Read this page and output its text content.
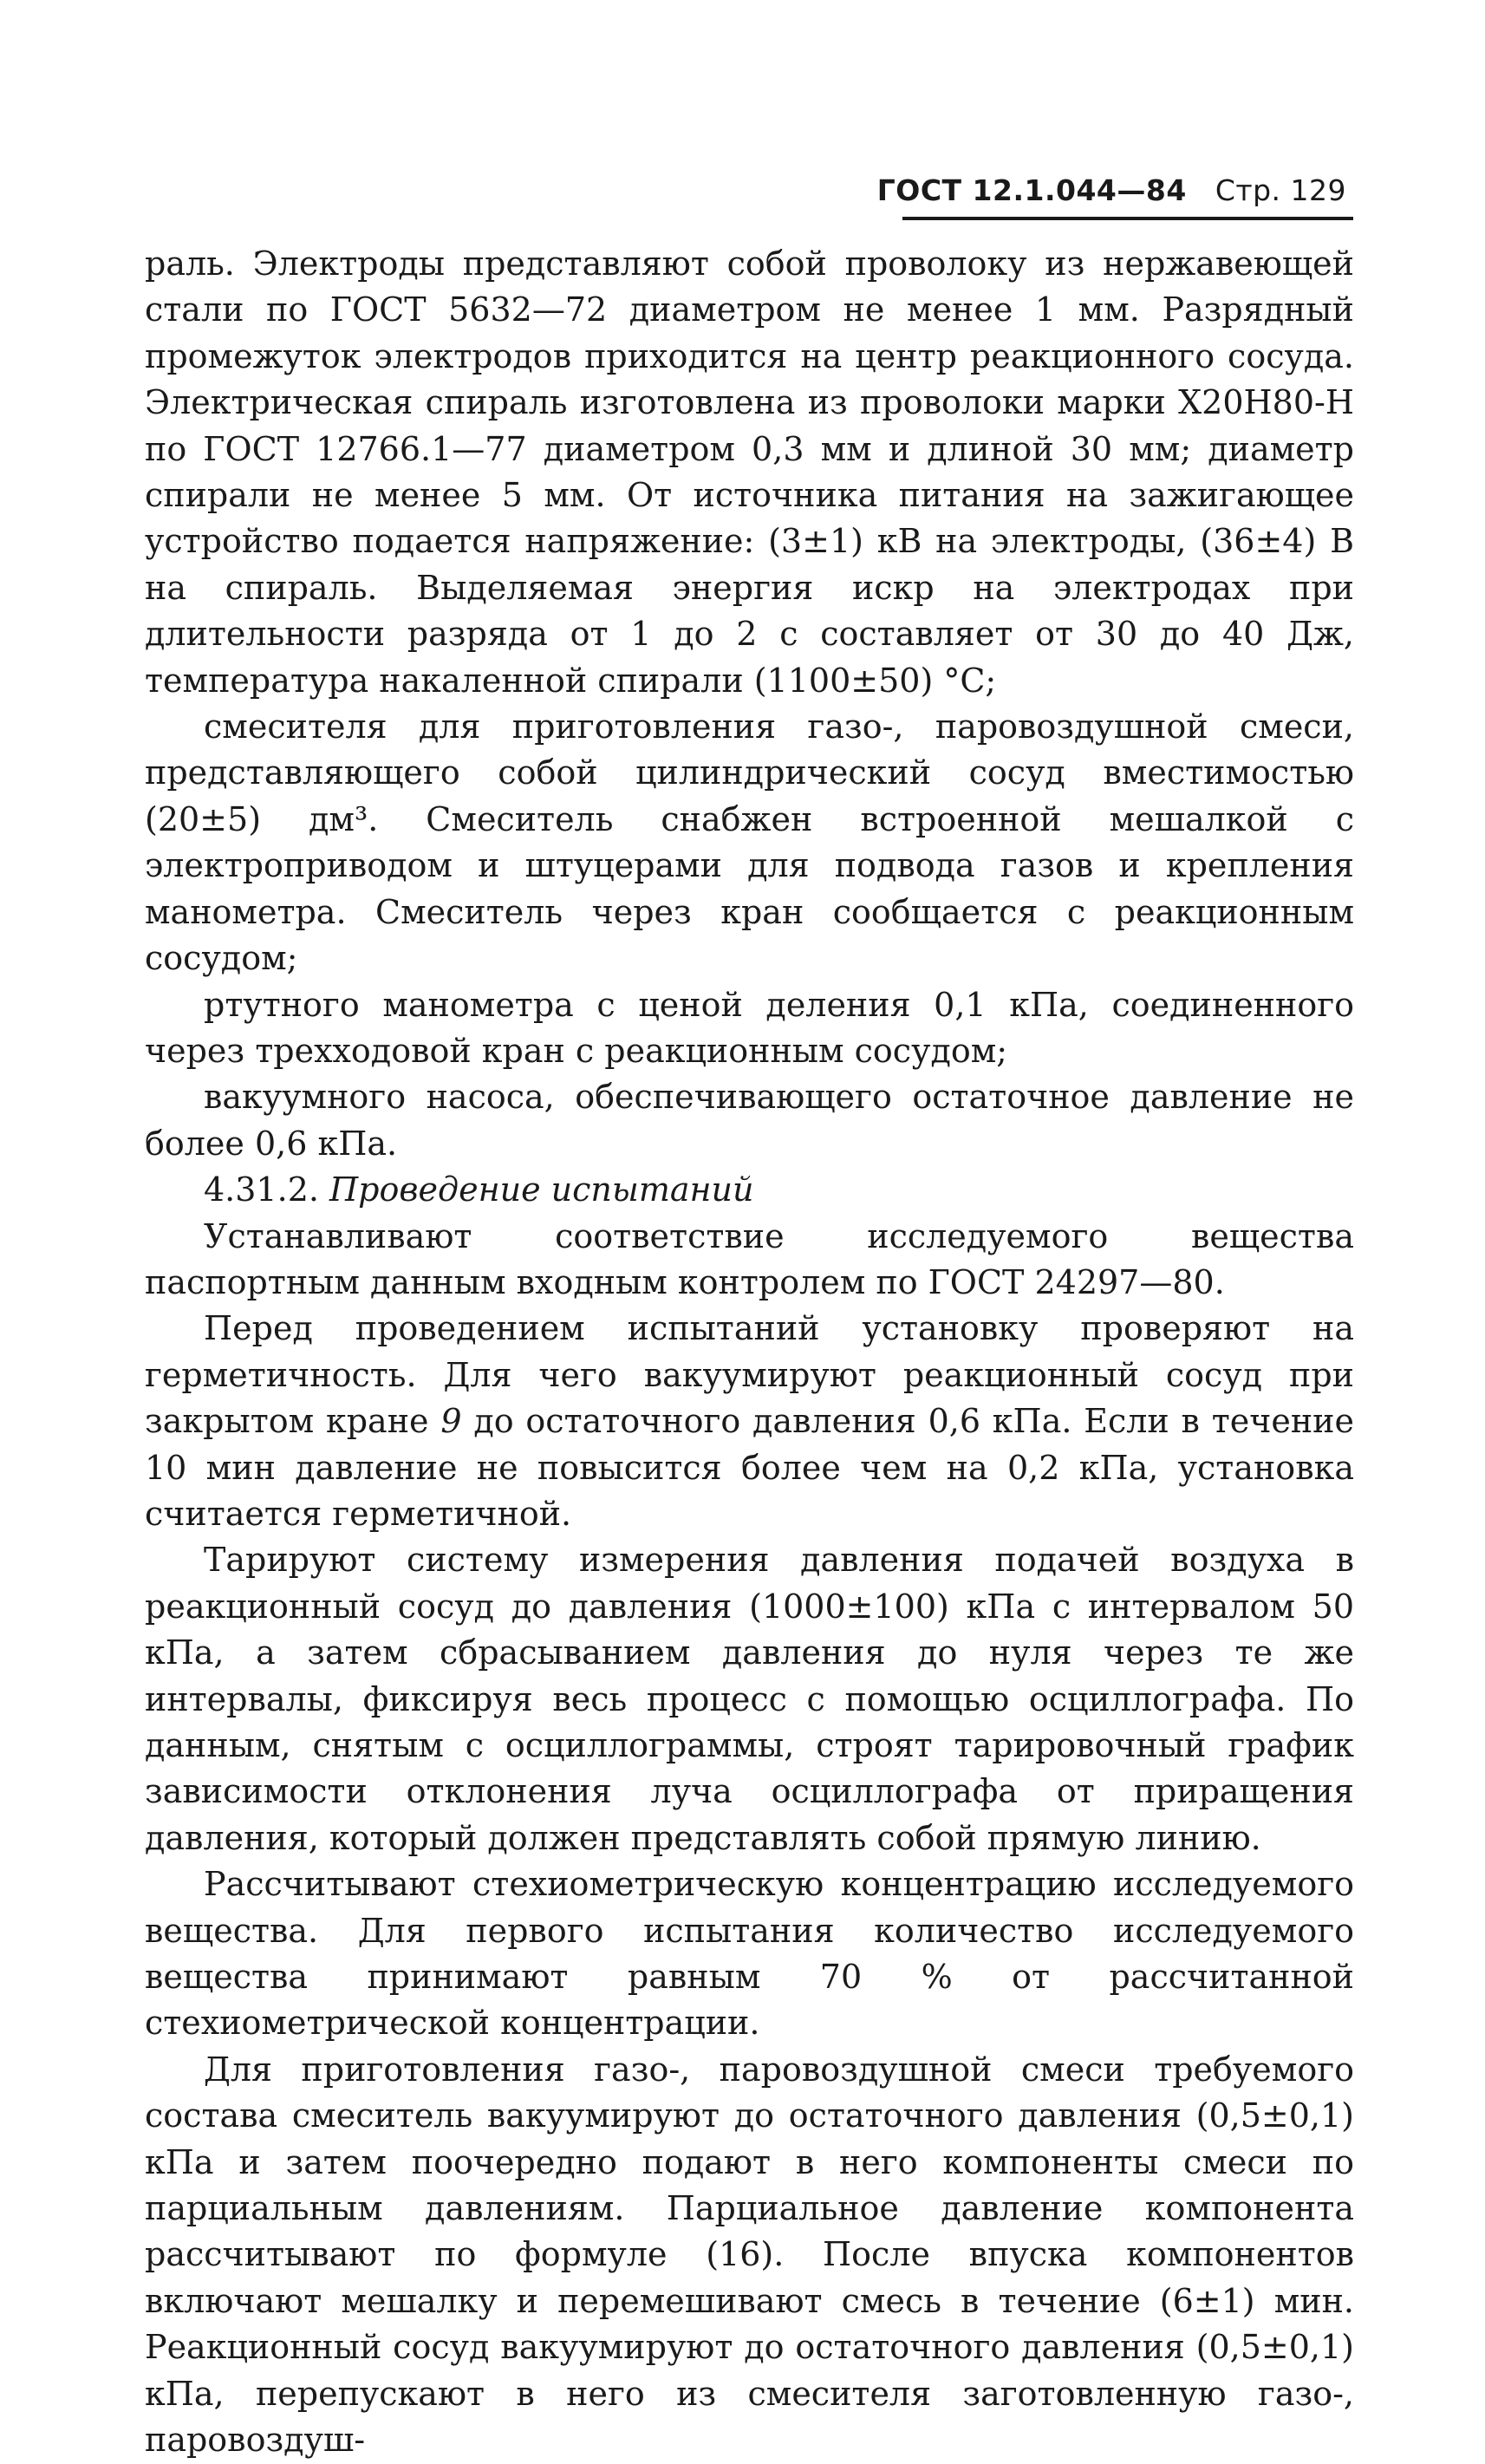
ГОСТ 12.1.044—84 Стр. 129

раль. Электроды представляют собой проволоку из нержавеющей стали по ГОСТ 5632—72 диаметром не менее 1 мм. Разрядный промежуток электродов приходится на центр реакционного сосуда. Электрическая спираль изготовлена из проволоки марки Х20Н80-Н по ГОСТ 12766.1—77 диаметром 0,3 мм и длиной 30 мм; диаметр спирали не менее 5 мм. От источника питания на зажигающее устройство подается напряжение: (3±1) кВ на электроды, (36±4) В на спираль. Выделяемая энергия искр на электродах при длительности разряда от 1 до 2 с составляет от 30 до 40 Дж, температура накаленной спирали (1100±50) °С;

смесителя для приготовления газо-, паровоздушной смеси, представляющего собой цилиндрический сосуд вместимостью (20±5) дм³. Смеситель снабжен встроенной мешалкой с электроприводом и штуцерами для подвода газов и крепления манометра. Смеситель через кран сообщается с реакционным сосудом;

ртутного манометра с ценой деления 0,1 кПа, соединенного через трехходовой кран с реакционным сосудом;

вакуумного насоса, обеспечивающего остаточное давление не более 0,6 кПа.

4.31.2. Проведение испытаний

Устанавливают соответствие исследуемого вещества паспортным данным входным контролем по ГОСТ 24297—80.

Перед проведением испытаний установку проверяют на герметичность. Для чего вакуумируют реакционный сосуд при закрытом кране 9 до остаточного давления 0,6 кПа. Если в течение 10 мин давление не повысится более чем на 0,2 кПа, установка считается герметичной.

Тарируют систему измерения давления подачей воздуха в реакционный сосуд до давления (1000±100) кПа с интервалом 50 кПа, а затем сбрасыванием давления до нуля через те же интервалы, фиксируя весь процесс с помощью осциллографа. По данным, снятым с осциллограммы, строят тарировочный график зависимости отклонения луча осциллографа от приращения давления, который должен представлять собой прямую линию.

Рассчитывают стехиометрическую концентрацию исследуемого вещества. Для первого испытания количество исследуемого вещества принимают равным 70 % от рассчитанной стехиометрической концентрации.

Для приготовления газо-, паровоздушной смеси требуемого состава смеситель вакуумируют до остаточного давления (0,5±0,1) кПа и затем поочередно подают в него компоненты смеси по парциальным давлениям. Парциальное давление компонента рассчитывают по формуле (16). После впуска компонентов включают мешалку и перемешивают смесь в течение (6±1) мин. Реакционный сосуд вакуумируют до остаточного давления (0,5±0,1) кПа, перепускают в него из смесителя заготовленную газо-, паровоздуш-
